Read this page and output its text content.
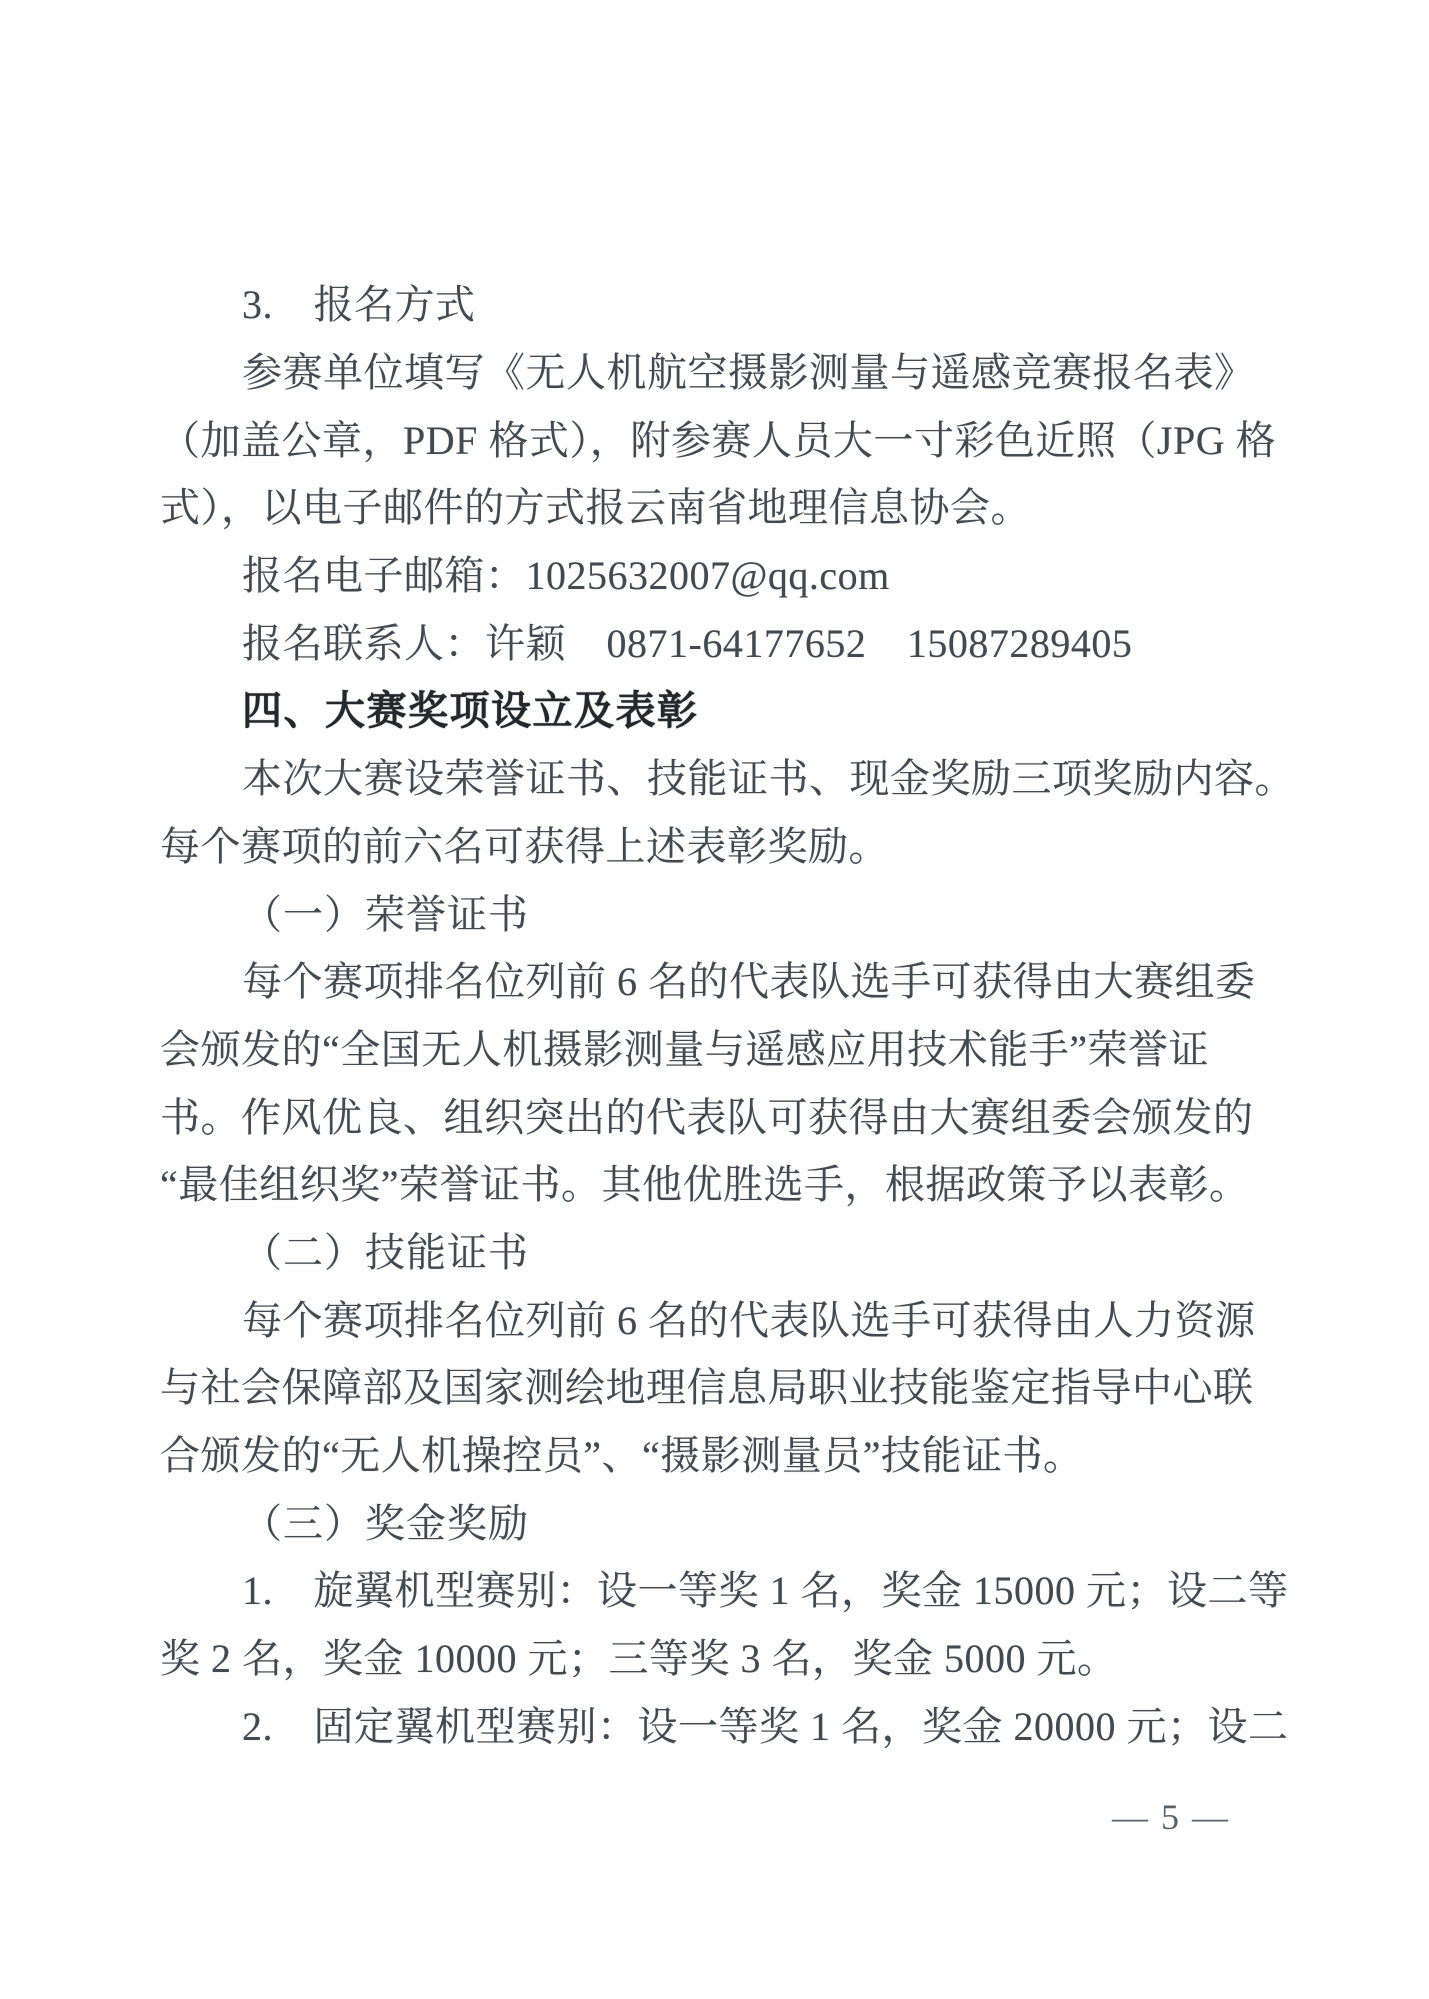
3.　报名方式
参赛单位填写《无人机航空摄影测量与遥感竞赛报名表》
（加盖公章，PDF 格式），附参赛人员大一寸彩色近照（JPG 格
式），以电子邮件的方式报云南省地理信息协会。
报名电子邮箱：1025632007@qq.com
报名联系人：许颖　0871-64177652　15087289405
四、大赛奖项设立及表彰
本次大赛设荣誉证书、技能证书、现金奖励三项奖励内容。
每个赛项的前六名可获得上述表彰奖励。
（一）荣誉证书
每个赛项排名位列前 6 名的代表队选手可获得由大赛组委
会颁发的“全国无人机摄影测量与遥感应用技术能手”荣誉证
书。作风优良、组织突出的代表队可获得由大赛组委会颁发的
“最佳组织奖”荣誉证书。其他优胜选手，根据政策予以表彰。
（二）技能证书
每个赛项排名位列前 6 名的代表队选手可获得由人力资源
与社会保障部及国家测绘地理信息局职业技能鉴定指导中心联
合颁发的“无人机操控员”、“摄影测量员”技能证书。
（三）奖金奖励
1.　旋翼机型赛别：设一等奖 1 名，奖金 15000 元；设二等
奖 2 名，奖金 10000 元；三等奖 3 名，奖金 5000 元。
2.　固定翼机型赛别：设一等奖 1 名，奖金 20000 元；设二
— 5 —
